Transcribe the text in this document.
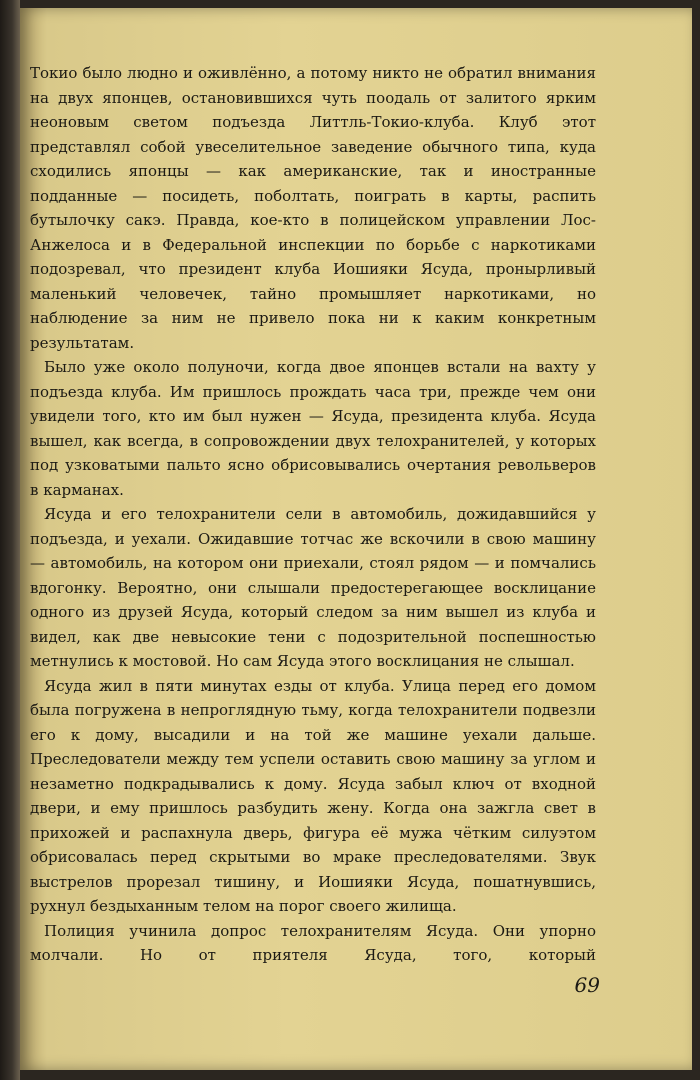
Токио было людно и оживлённо, а потому никто не обратил внимания на двух японцев, остановившихся чуть поодаль от залитого ярким неоновым светом подъезда Литтль-Токио-клуба. Клуб этот представлял собой увеселительное заведение обычного типа, куда сходились японцы — как американские, так и иностранные подданные — посидеть, поболтать, поиграть в карты, распить бутылочку сакэ. Правда, кое-кто в полицейском управлении Лос-Анжелоса и в Федеральной инспекции по борьбе с наркотиками подозревал, что президент клуба Иошияки Ясуда, пронырливый маленький человечек, тайно промышляет наркотиками, но наблюдение за ним не привело пока ни к каким конкретным результатам.

Было уже около полуночи, когда двое японцев встали на вахту у подъезда клуба. Им пришлось прождать часа три, прежде чем они увидели того, кто им был нужен — Ясуда, президента клуба. Ясуда вышел, как всегда, в сопровождении двух телохранителей, у которых под узковатыми пальто ясно обрисовывались очертания револьверов в карманах.

Ясуда и его телохранители сели в автомобиль, дожидавшийся у подъезда, и уехали. Ожидавшие тотчас же вскочили в свою машину — автомобиль, на котором они приехали, стоял рядом — и помчались вдогонку. Вероятно, они слышали предостерегающее восклицание одного из друзей Ясуда, который следом за ним вышел из клуба и видел, как две невысокие тени с подозрительной поспешностью метнулись к мостовой. Но сам Ясуда этого восклицания не слышал.

Ясуда жил в пяти минутах езды от клуба. Улица перед его домом была погружена в непроглядную тьму, когда телохранители подвезли его к дому, высадили и на той же машине уехали дальше. Преследователи между тем успели оставить свою машину за углом и незаметно подкрадывались к дому. Ясуда забыл ключ от входной двери, и ему пришлось разбудить жену. Когда она зажгла свет в прихожей и распахнула дверь, фигура её мужа чётким силуэтом обрисовалась перед скрытыми во мраке преследователями. Звук выстрелов прорезал тишину, и Иошияки Ясуда, пошатнувшись, рухнул бездыханным телом на порог своего жилища.

Полиция учинила допрос телохранителям Ясуда. Они упорно молчали. Но от приятеля Ясуда, того, который

69
